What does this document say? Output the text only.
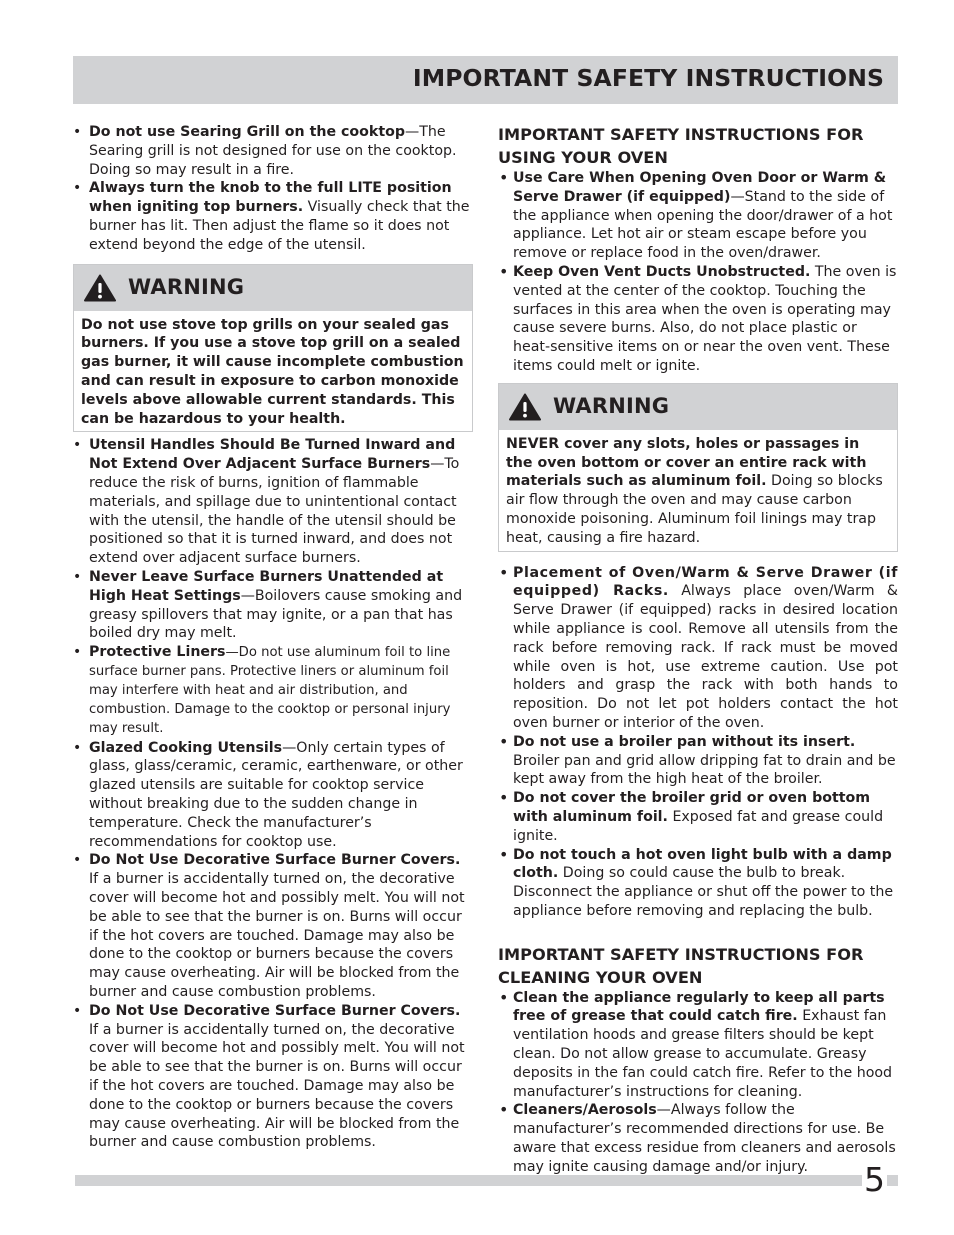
IMPORTANT SAFETY INSTRUCTIONS
• Do not use Searing Grill on the cooktop—The Searing grill is not designed for use on the cooktop. Doing so may result in a fire.
• Always turn the knob to the full LITE position when igniting top burners. Visually check that the burner has lit. Then adjust the flame so it does not extend beyond the edge of the utensil.
WARNING
Do not use stove top grills on your sealed gas burners. If you use a stove top grill on a sealed gas burner, it will cause incomplete combustion and can result in exposure to carbon monoxide levels above allowable current standards. This can be hazardous to your health.
• Utensil Handles Should Be Turned Inward and Not Extend Over Adjacent Surface Burners—To reduce the risk of burns, ignition of flammable materials, and spillage due to unintentional contact with the utensil, the handle of the utensil should be positioned so that it is turned inward, and does not extend over adjacent surface burners.
• Never Leave Surface Burners Unattended at High Heat Settings—Boilovers cause smoking and greasy spillovers that may ignite, or a pan that has boiled dry may melt.
• Protective Liners—Do not use aluminum foil to line surface burner pans. Protective liners or aluminum foil may interfere with heat and air distribution, and combustion. Damage to the cooktop or personal injury may result.
• Glazed Cooking Utensils—Only certain types of glass, glass/ceramic, ceramic, earthenware, or other glazed utensils are suitable for cooktop service without breaking due to the sudden change in temperature. Check the manufacturer’s recommendations for cooktop use.
• Do Not Use Decorative Surface Burner Covers. If a burner is accidentally turned on, the decorative cover will become hot and possibly melt. You will not be able to see that the burner is on. Burns will occur if the hot covers are touched. Damage may also be done to the cooktop or burners because the covers may cause overheating. Air will be blocked from the burner and cause combustion problems.
• Do Not Use Decorative Surface Burner Covers. If a burner is accidentally turned on, the decorative cover will become hot and possibly melt. You will not be able to see that the burner is on. Burns will occur if the hot covers are touched. Damage may also be done to the cooktop or burners because the covers may cause overheating. Air will be blocked from the burner and cause combustion problems.
IMPORTANT SAFETY INSTRUCTIONS FOR
USING YOUR OVEN
• Use Care When Opening Oven Door or Warm & Serve Drawer (if equipped)—Stand to the side of the appliance when opening the door/drawer of a hot appliance. Let hot air or steam escape before you remove or replace food in the oven/drawer.
• Keep Oven Vent Ducts Unobstructed. The oven is vented at the center of the cooktop. Touching the surfaces in this area when the oven is operating may cause severe burns. Also, do not place plastic or heat-sensitive items on or near the oven vent. These items could melt or ignite.
WARNING
NEVER cover any slots, holes or passages in the oven bottom or cover an entire rack with materials such as aluminum foil. Doing so blocks air flow through the oven and may cause carbon monoxide poisoning. Aluminum foil linings may trap heat, causing a fire hazard.
• Placement of Oven/Warm & Serve Drawer (if equipped) Racks. Always place oven/Warm & Serve Drawer (if equipped) racks in desired location while appliance is cool. Remove all utensils from the rack before removing rack. If rack must be moved while oven is hot, use extreme caution. Use pot holders and grasp the rack with both hands to reposition. Do not let pot holders contact the hot oven burner or interior of the oven.
• Do not use a broiler pan without its insert. Broiler pan and grid allow dripping fat to drain and be kept away from the high heat of the broiler.
• Do not cover the broiler grid or oven bottom with aluminum foil. Exposed fat and grease could ignite.
• Do not touch a hot oven light bulb with a damp cloth. Doing so could cause the bulb to break. Disconnect the appliance or shut off the power to the appliance before removing and replacing the bulb.
IMPORTANT SAFETY INSTRUCTIONS FOR
CLEANING YOUR OVEN
• Clean the appliance regularly to keep all parts free of grease that could catch fire. Exhaust fan ventilation hoods and grease filters should be kept clean. Do not allow grease to accumulate. Greasy deposits in the fan could catch fire. Refer to the hood manufacturer’s instructions for cleaning.
• Cleaners/Aerosols—Always follow the manufacturer’s recommended directions for use. Be aware that excess residue from cleaners and aerosols may ignite causing damage and/or injury.	5
